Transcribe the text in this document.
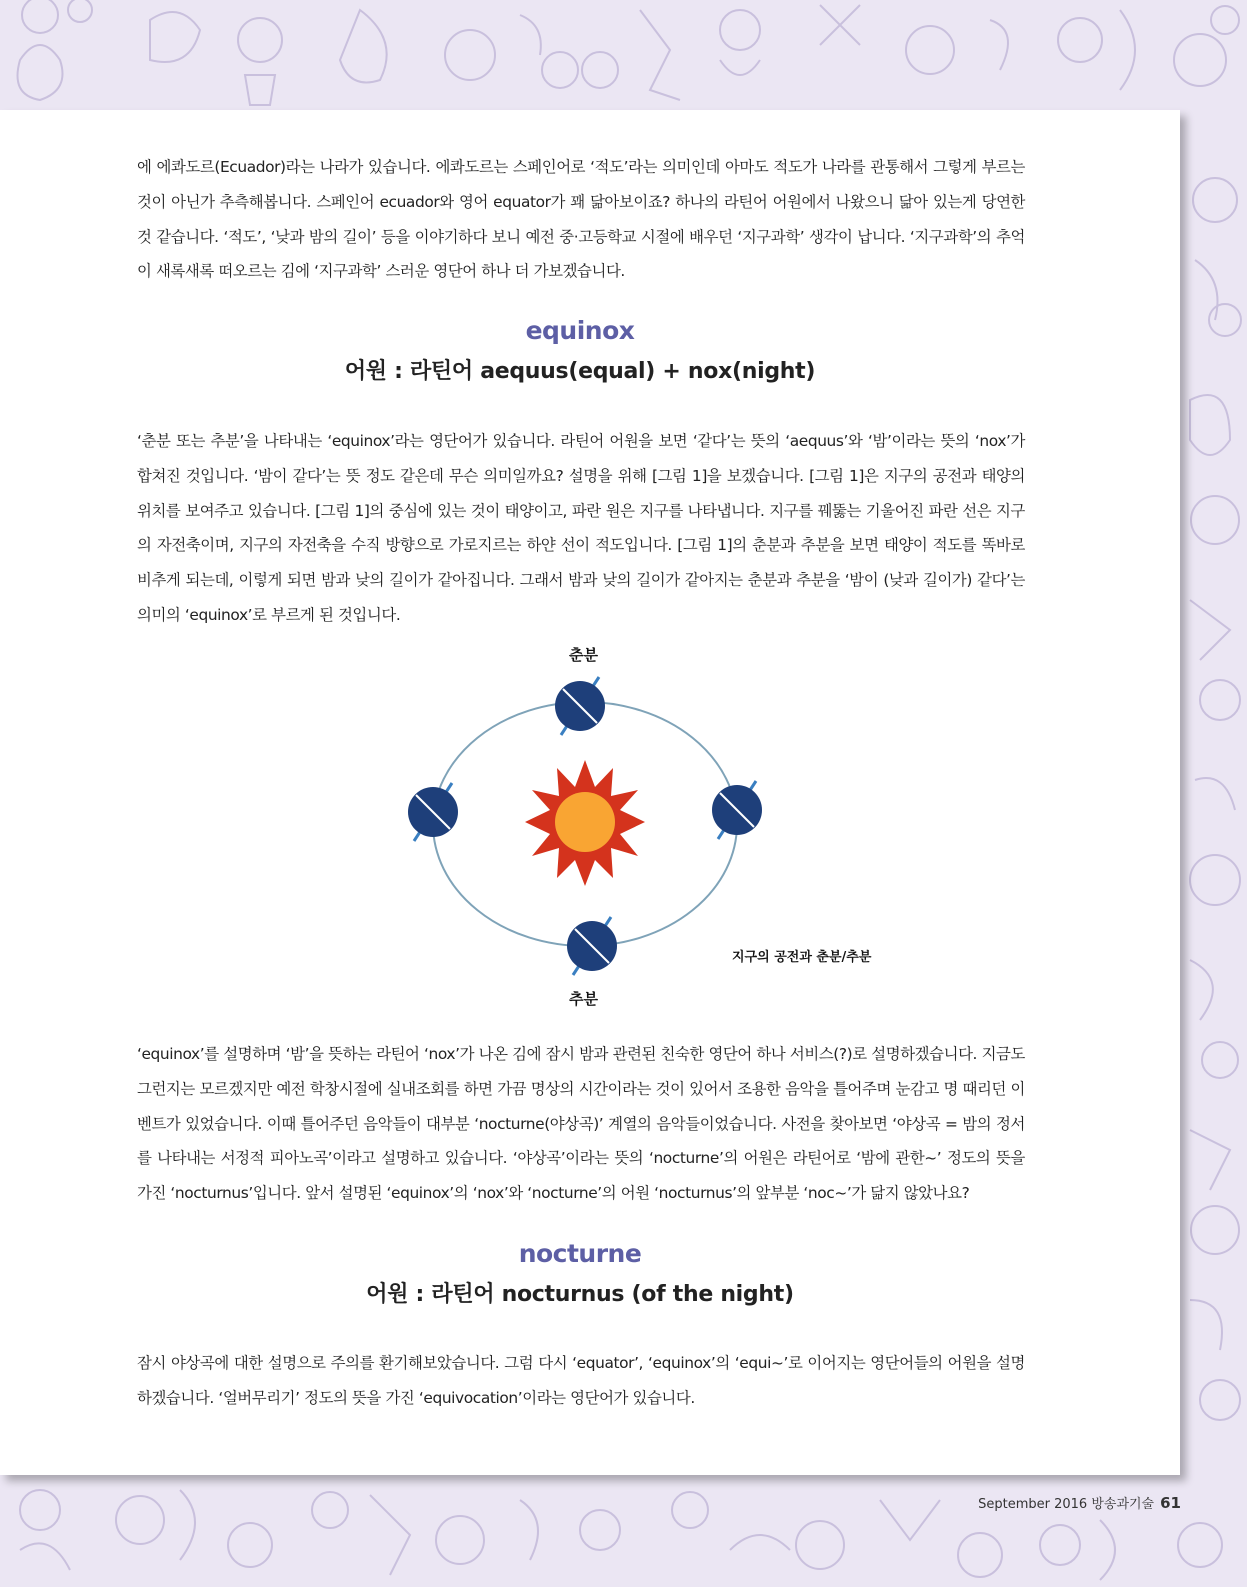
에 에콰도르(Ecuador)라는 나라가 있습니다. 에콰도르는 스페인어로 ‘적도’라는 의미인데 아마도 적도가 나라를 관통해서 그렇게 부르는 것이 아닌가 추측해봅니다. 스페인어 ecuador와 영어 equator가 꽤 닮아보이죠? 하나의 라틴어 어원에서 나왔으니 닮아 있는게 당연한 것 같습니다. ‘적도’, ‘낮과 밤의 길이’ 등을 이야기하다 보니 예전 중·고등학교 시절에 배우던 ‘지구과학’ 생각이 납니다. ‘지구과학’의 추억이 새록새록 떠오르는 김에 ‘지구과학’ 스러운 영단어 하나 더 가보겠습니다.

equinox
어원 : 라틴어 aequus(equal) + nox(night)

‘춘분 또는 추분’을 나타내는 ‘equinox’라는 영단어가 있습니다. 라틴어 어원을 보면 ‘같다’는 뜻의 ‘aequus’와 ‘밤’이라는 뜻의 ‘nox’가 합쳐진 것입니다. ‘밤이 같다’는 뜻 정도 같은데 무슨 의미일까요? 설명을 위해 [그림 1]을 보겠습니다. [그림 1]은 지구의 공전과 태양의 위치를 보여주고 있습니다. [그림 1]의 중심에 있는 것이 태양이고, 파란 원은 지구를 나타냅니다. 지구를 꿰뚫는 기울어진 파란 선은 지구의 자전축이며, 지구의 자전축을 수직 방향으로 가로지르는 하얀 선이 적도입니다. [그림 1]의 춘분과 추분을 보면 태양이 적도를 똑바로 비추게 되는데, 이렇게 되면 밤과 낮의 길이가 같아집니다. 그래서 밤과 낮의 길이가 같아지는 춘분과 추분을 ‘밤이 (낮과 길이가) 같다’는 의미의 ‘equinox’로 부르게 된 것입니다.

춘분
추분
지구의 공전과 춘분/추분

‘equinox’를 설명하며 ‘밤’을 뜻하는 라틴어 ‘nox’가 나온 김에 잠시 밤과 관련된 친숙한 영단어 하나 서비스(?)로 설명하겠습니다. 지금도 그런지는 모르겠지만 예전 학창시절에 실내조회를 하면 가끔 명상의 시간이라는 것이 있어서 조용한 음악을 틀어주며 눈감고 명 때리던 이벤트가 있었습니다. 이때 틀어주던 음악들이 대부분 ‘nocturne(야상곡)’ 계열의 음악들이었습니다. 사전을 찾아보면 ‘야상곡 = 밤의 정서를 나타내는 서정적 피아노곡’이라고 설명하고 있습니다. ‘야상곡’이라는 뜻의 ‘nocturne’의 어원은 라틴어로 ‘밤에 관한~’ 정도의 뜻을 가진 ‘nocturnus’입니다. 앞서 설명된 ‘equinox’의 ‘nox’와 ‘nocturne’의 어원 ‘nocturnus’의 앞부분 ‘noc~’가 닮지 않았나요?

nocturne
어원 : 라틴어 nocturnus (of the night)

잠시 야상곡에 대한 설명으로 주의를 환기해보았습니다. 그럼 다시 ‘equator’, ‘equinox’의 ‘equi~’로 이어지는 영단어들의 어원을 설명하겠습니다. ‘얼버무리기’ 정도의 뜻을 가진 ‘equivocation’이라는 영단어가 있습니다.

September 2016 방송과기술 61
